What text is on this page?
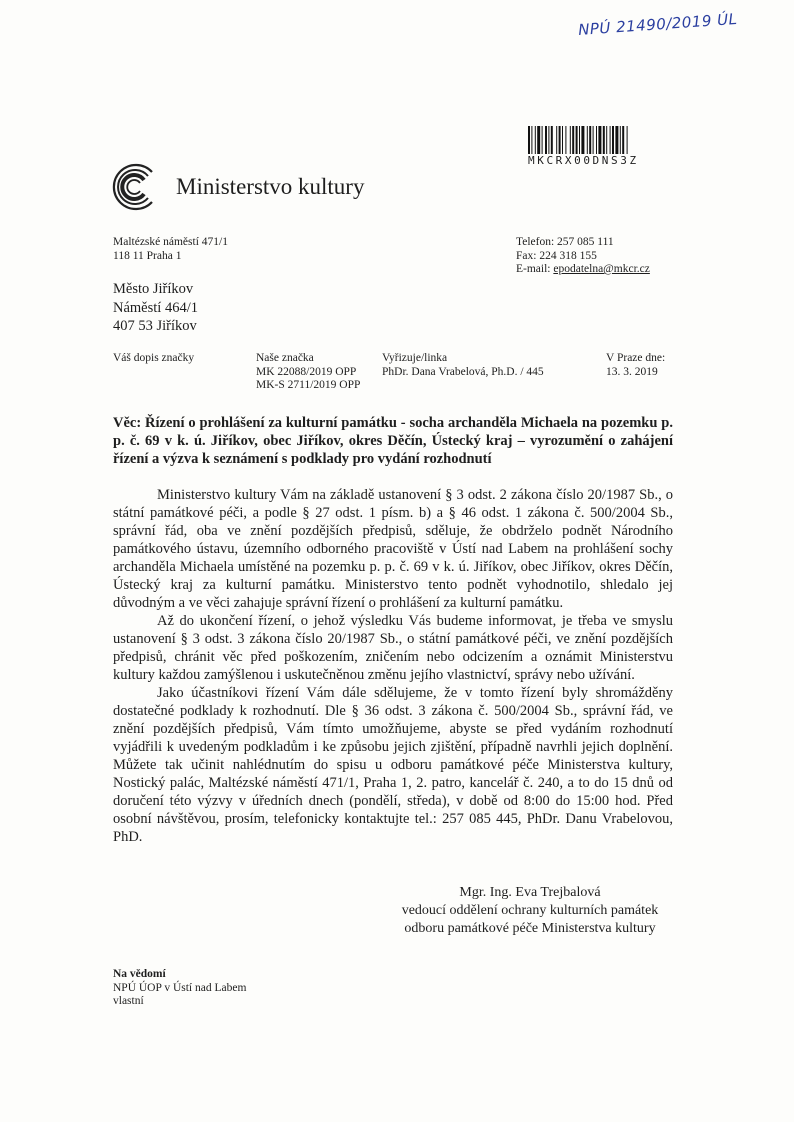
NPÚ 21490/2019 ÚL
MKCRX00DNS3Z
Ministerstvo kultury
Maltézské náměstí 471/1
118 11 Praha 1
Telefon: 257 085 111
Fax: 224 318 155
E-mail: epodatelna@mkcr.cz
Město Jiříkov
Náměstí 464/1
407 53 Jiříkov
Váš dopis značky	Naše značka
MK 22088/2019 OPP
MK-S 2711/2019 OPP
Vyřizuje/linka
PhDr. Dana Vrabelová, Ph.D. / 445
V Praze dne:
13. 3. 2019
Věc: Řízení o prohlášení za kulturní památku - socha archanděla Michaela na pozemku p. p. č. 69 v k. ú. Jiříkov, obec Jiříkov, okres Děčín, Ústecký kraj – vyrozumění o zahájení řízení a výzva k seznámení s podklady pro vydání rozhodnutí

Ministerstvo kultury Vám na základě ustanovení § 3 odst. 2 zákona číslo 20/1987 Sb., o státní památkové péči, a podle § 27 odst. 1 písm. b) a § 46 odst. 1 zákona č. 500/2004 Sb., správní řád, oba ve znění pozdějších předpisů, sděluje, že obdrželo podnět Národního památkového ústavu, územního odborného pracoviště v Ústí nad Labem na prohlášení sochy archanděla Michaela umístěné na pozemku p. p. č. 69 v k. ú. Jiříkov, obec Jiříkov, okres Děčín, Ústecký kraj za kulturní památku. Ministerstvo tento podnět vyhodnotilo, shledalo jej důvodným a ve věci zahajuje správní řízení o prohlášení za kulturní památku.

Až do ukončení řízení, o jehož výsledku Vás budeme informovat, je třeba ve smyslu ustanovení § 3 odst. 3 zákona číslo 20/1987 Sb., o státní památkové péči, ve znění pozdějších předpisů, chránit věc před poškozením, zničením nebo odcizením a oznámit Ministerstvu kultury každou zamýšlenou i uskutečněnou změnu jejího vlastnictví, správy nebo užívání.

Jako účastníkovi řízení Vám dále sdělujeme, že v tomto řízení byly shromážděny dostatečné podklady k rozhodnutí. Dle § 36 odst. 3 zákona č. 500/2004 Sb., správní řád, ve znění pozdějších předpisů, Vám tímto umožňujeme, abyste se před vydáním rozhodnutí vyjádřili k uvedeným podkladům i ke způsobu jejich zjištění, případně navrhli jejich doplnění. Můžete tak učinit nahlédnutím do spisu u odboru památkové péče Ministerstva kultury, Nostický palác, Maltézské náměstí 471/1, Praha 1, 2. patro, kancelář č. 240, a to do 15 dnů od doručení této výzvy v úředních dnech (pondělí, středa), v době od 8:00 do 15:00 hod. Před osobní návštěvou, prosím, telefonicky kontaktujte tel.: 257 085 445, PhDr. Danu Vrabelovou, PhD.

Mgr. Ing. Eva Trejbalová
vedoucí oddělení ochrany kulturních památek
odboru památkové péče Ministerstva kultury
Na vědomí
NPÚ ÚOP v Ústí nad Labem
vlastní
